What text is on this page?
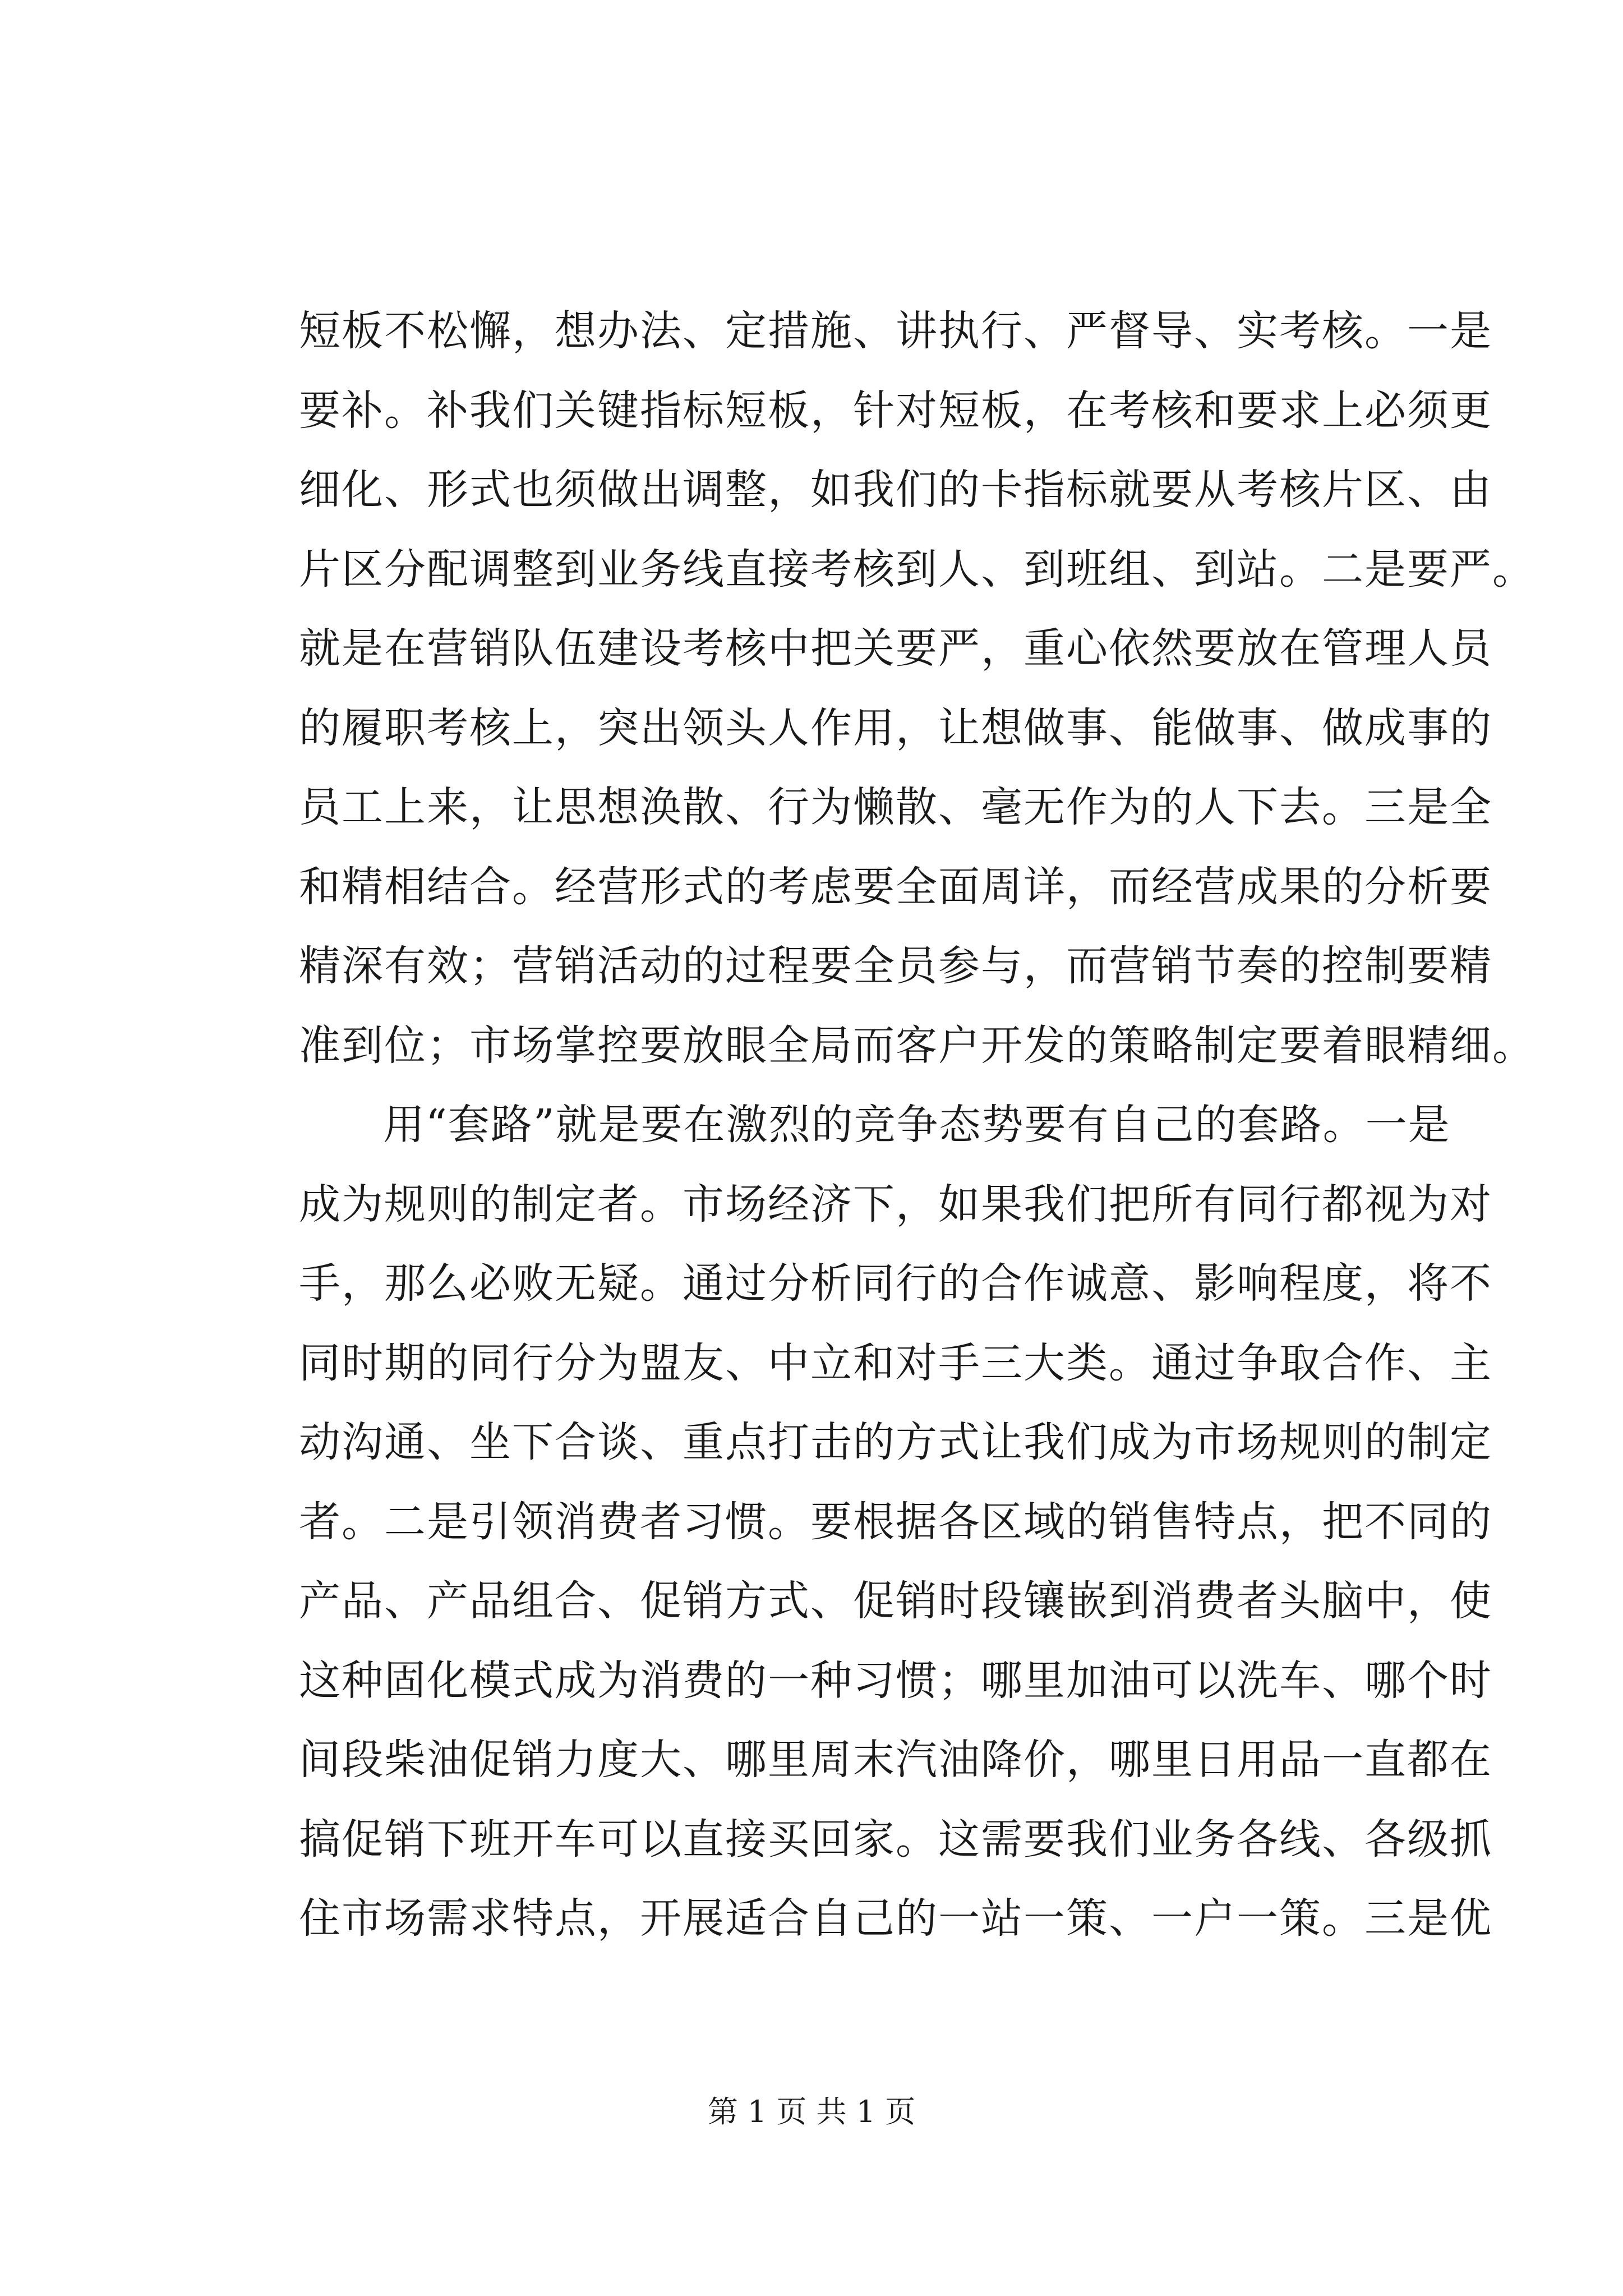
短板不松懈，想办法、定措施、讲执行、严督导、实考核。一是
要补。补我们关键指标短板，针对短板，在考核和要求上必须更
细化、形式也须做出调整，如我们的卡指标就要从考核片区、由
片区分配调整到业务线直接考核到人、到班组、到站。二是要严。
就是在营销队伍建设考核中把关要严，重心依然要放在管理人员
的履职考核上，突出领头人作用，让想做事、能做事、做成事的
员工上来，让思想涣散、行为懒散、毫无作为的人下去。三是全
和精相结合。经营形式的考虑要全面周详，而经营成果的分析要
精深有效；营销活动的过程要全员参与，而营销节奏的控制要精
准到位；市场掌控要放眼全局而客户开发的策略制定要着眼精细。
用“套路”就是要在激烈的竞争态势要有自己的套路。一是
成为规则的制定者。市场经济下，如果我们把所有同行都视为对
手，那么必败无疑。通过分析同行的合作诚意、影响程度，将不
同时期的同行分为盟友、中立和对手三大类。通过争取合作、主
动沟通、坐下合谈、重点打击的方式让我们成为市场规则的制定
者。二是引领消费者习惯。要根据各区域的销售特点，把不同的
产品、产品组合、促销方式、促销时段镶嵌到消费者头脑中，使
这种固化模式成为消费的一种习惯；哪里加油可以洗车、哪个时
间段柴油促销力度大、哪里周末汽油降价，哪里日用品一直都在
搞促销下班开车可以直接买回家。这需要我们业务各线、各级抓
住市场需求特点，开展适合自己的一站一策、一户一策。三是优
第 1 页 共 1 页
